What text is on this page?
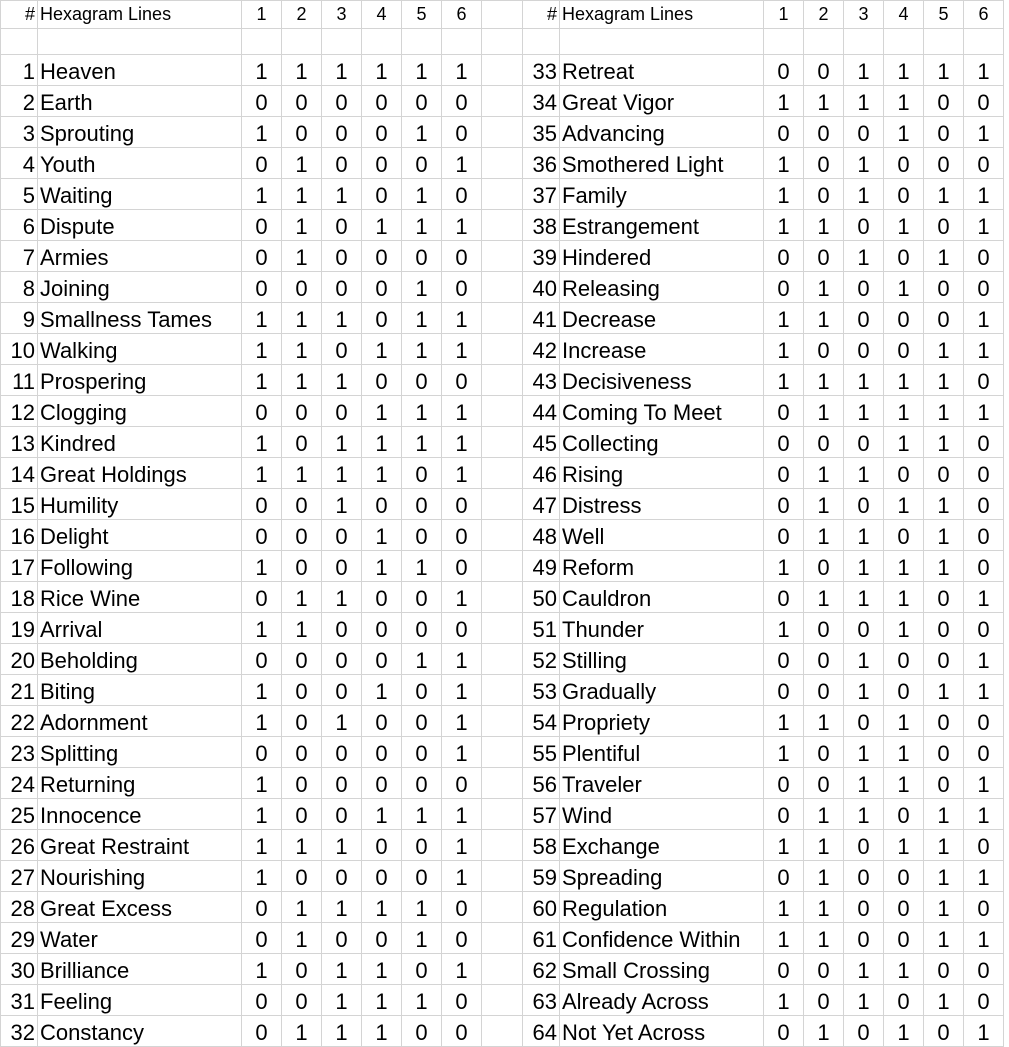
#	Hexagram Lines	1	2	3	4	5	6		#	Hexagram Lines	1	2	3	4	5	6

1	Heaven	1	1	1	1	1	1		33	Retreat	0	0	1	1	1	1
2	Earth	0	0	0	0	0	0		34	Great Vigor	1	1	1	1	0	0
3	Sprouting	1	0	0	0	1	0		35	Advancing	0	0	0	1	0	1
4	Youth	0	1	0	0	0	1		36	Smothered Light	1	0	1	0	0	0
5	Waiting	1	1	1	0	1	0		37	Family	1	0	1	0	1	1
6	Dispute	0	1	0	1	1	1		38	Estrangement	1	1	0	1	0	1
7	Armies	0	1	0	0	0	0		39	Hindered	0	0	1	0	1	0
8	Joining	0	0	0	0	1	0		40	Releasing	0	1	0	1	0	0
9	Smallness Tames	1	1	1	0	1	1		41	Decrease	1	1	0	0	0	1
10	Walking	1	1	0	1	1	1		42	Increase	1	0	0	0	1	1
11	Prospering	1	1	1	0	0	0		43	Decisiveness	1	1	1	1	1	0
12	Clogging	0	0	0	1	1	1		44	Coming To Meet	0	1	1	1	1	1
13	Kindred	1	0	1	1	1	1		45	Collecting	0	0	0	1	1	0
14	Great Holdings	1	1	1	1	0	1		46	Rising	0	1	1	0	0	0
15	Humility	0	0	1	0	0	0		47	Distress	0	1	0	1	1	0
16	Delight	0	0	0	1	0	0		48	Well	0	1	1	0	1	0
17	Following	1	0	0	1	1	0		49	Reform	1	0	1	1	1	0
18	Rice Wine	0	1	1	0	0	1		50	Cauldron	0	1	1	1	0	1
19	Arrival	1	1	0	0	0	0		51	Thunder	1	0	0	1	0	0
20	Beholding	0	0	0	0	1	1		52	Stilling	0	0	1	0	0	1
21	Biting	1	0	0	1	0	1		53	Gradually	0	0	1	0	1	1
22	Adornment	1	0	1	0	0	1		54	Propriety	1	1	0	1	0	0
23	Splitting	0	0	0	0	0	1		55	Plentiful	1	0	1	1	0	0
24	Returning	1	0	0	0	0	0		56	Traveler	0	0	1	1	0	1
25	Innocence	1	0	0	1	1	1		57	Wind	0	1	1	0	1	1
26	Great Restraint	1	1	1	0	0	1		58	Exchange	1	1	0	1	1	0
27	Nourishing	1	0	0	0	0	1		59	Spreading	0	1	0	0	1	1
28	Great Excess	0	1	1	1	1	0		60	Regulation	1	1	0	0	1	0
29	Water	0	1	0	0	1	0		61	Confidence Within	1	1	0	0	1	1
30	Brilliance	1	0	1	1	0	1		62	Small Crossing	0	0	1	1	0	0
31	Feeling	0	0	1	1	1	0		63	Already Across	1	0	1	0	1	0
32	Constancy	0	1	1	1	0	0		64	Not Yet Across	0	1	0	1	0	1
